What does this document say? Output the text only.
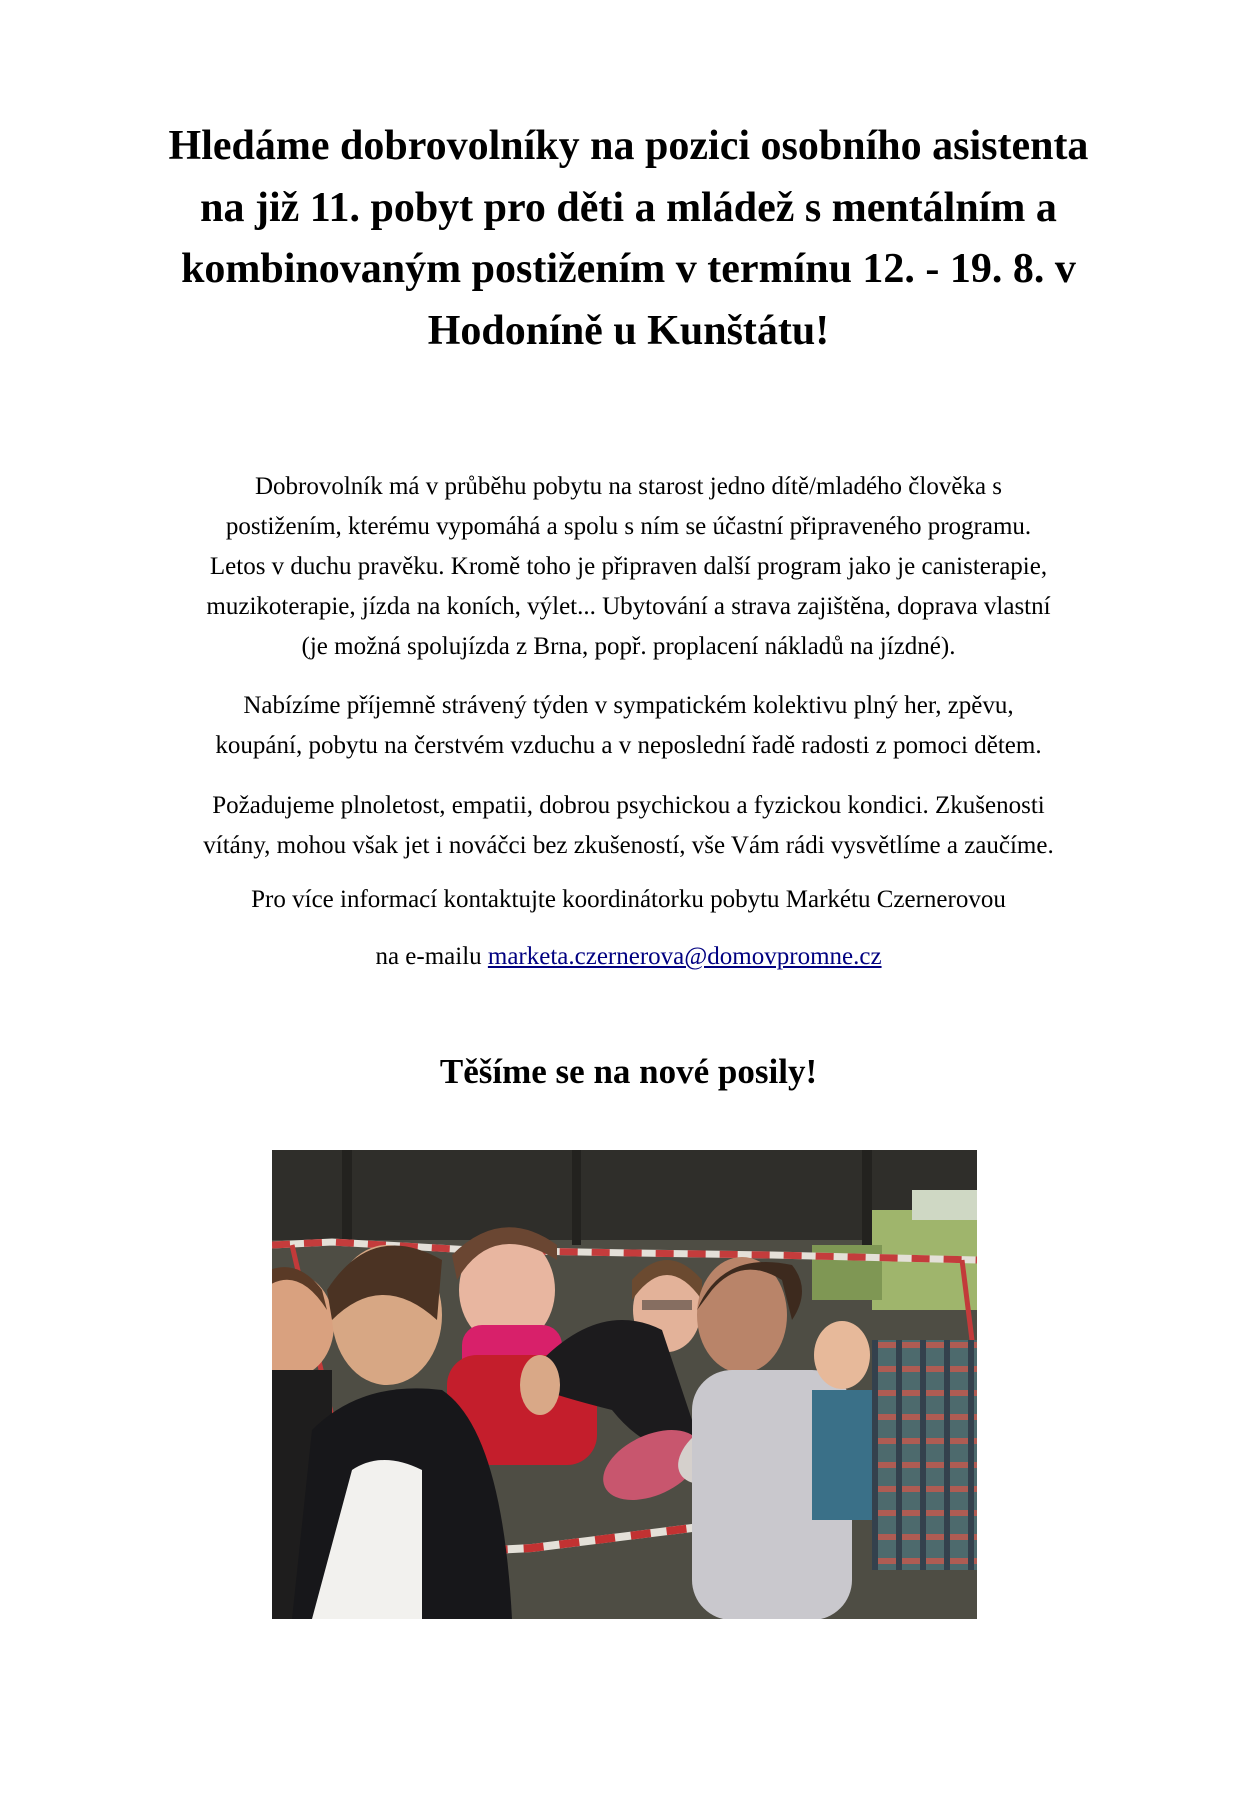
Hledáme dobrovolníky na pozici osobního asistenta
na již 11. pobyt pro děti a mládež s mentálním a
kombinovaným postižením v termínu 12. - 19. 8. v
Hodoníně u Kunštátu!

Dobrovolník má v průběhu pobytu na starost jedno dítě/mladého člověka s
postižením, kterému vypomáhá a spolu s ním se účastní připraveného programu.
Letos v duchu pravěku. Kromě toho je připraven další program jako je canisterapie,
muzikoterapie, jízda na koních, výlet... Ubytování a strava zajištěna, doprava vlastní
(je možná spolujízda z Brna, popř. proplacení nákladů na jízdné).

Nabízíme příjemně strávený týden v sympatickém kolektivu plný her, zpěvu,
koupání, pobytu na čerstvém vzduchu a v neposlední řadě radosti z pomoci dětem.

Požadujeme plnoletost, empatii, dobrou psychickou a fyzickou kondici. Zkušenosti
vítány, mohou však jet i nováčci bez zkušeností, vše Vám rádi vysvětlíme a zaučíme.

Pro více informací kontaktujte koordinátorku pobytu Markétu Czernerovou

na e-mailu marketa.czernerova@domovpromne.cz

Těšíme se na nové posily!
